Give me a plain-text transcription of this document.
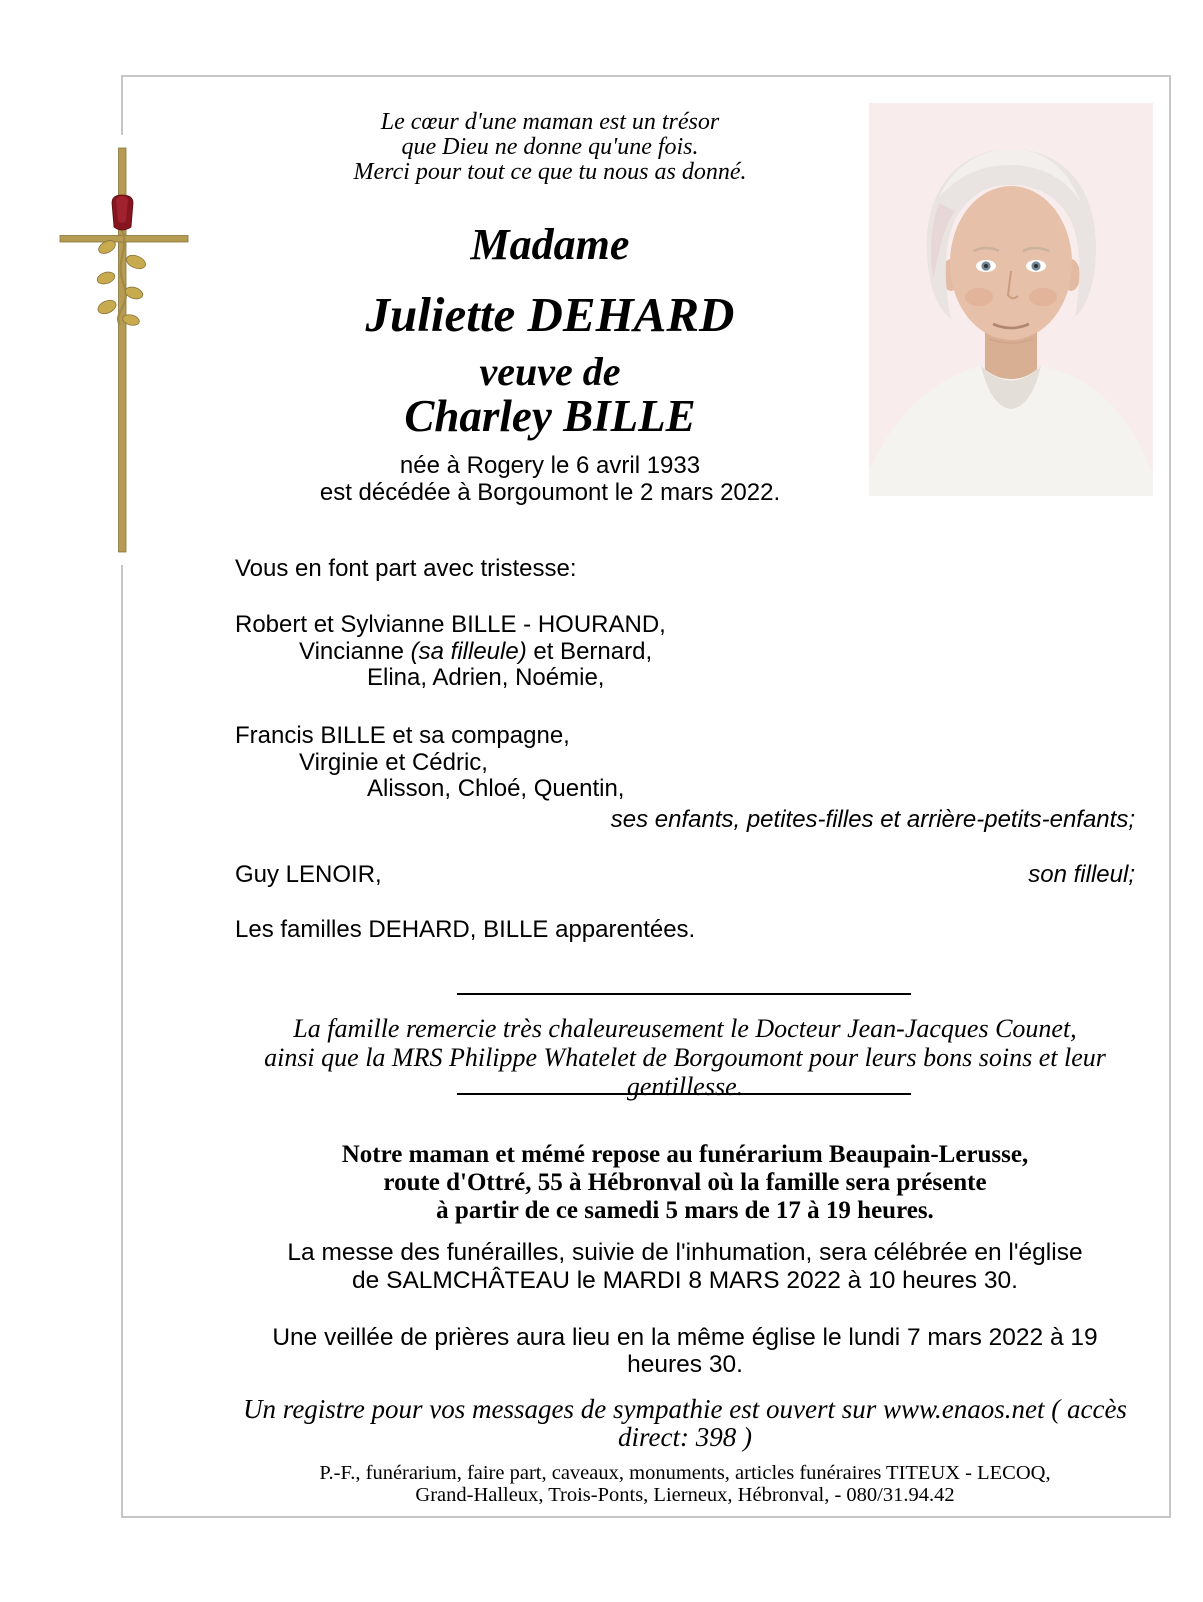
Le cœur d'une maman est un trésor
que Dieu ne donne qu'une fois.
Merci pour tout ce que tu nous as donné.
Madame
Juliette DEHARD
veuve de
Charley BILLE
née à Rogery le 6 avril 1933
est décédée à Borgoumont le 2 mars 2022.
Vous en font part avec tristesse:
Robert et Sylvianne BILLE - HOURAND,
Vincianne (sa filleule) et Bernard,
Elina, Adrien, Noémie,
Francis BILLE et sa compagne,
Virginie et Cédric,
Alisson, Chloé, Quentin,
ses enfants, petites-filles et arrière-petits-enfants;
son filleul;
Guy LENOIR,
Les familles DEHARD, BILLE apparentées.
La famille remercie très chaleureusement le Docteur Jean-Jacques Counet,
ainsi que la MRS Philippe Whatelet de Borgoumont pour leurs bons soins et leur gentillesse.
Notre maman et mémé repose au funérarium Beaupain-Lerusse,
route d'Ottré, 55 à Hébronval où la famille sera présente
à partir de ce samedi 5 mars de 17 à 19 heures.
La messe des funérailles, suivie de l'inhumation, sera célébrée en l'église
de SALMCHÂTEAU le MARDI 8 MARS 2022 à 10 heures 30.
Une veillée de prières aura lieu en la même église le lundi 7 mars 2022 à 19 heures 30.
Un registre pour vos messages de sympathie est ouvert sur www.enaos.net ( accès direct: 398 )
P.-F., funérarium, faire part, caveaux, monuments, articles funéraires TITEUX - LECOQ,
Grand-Halleux, Trois-Ponts, Lierneux, Hébronval, - 080/31.94.42
